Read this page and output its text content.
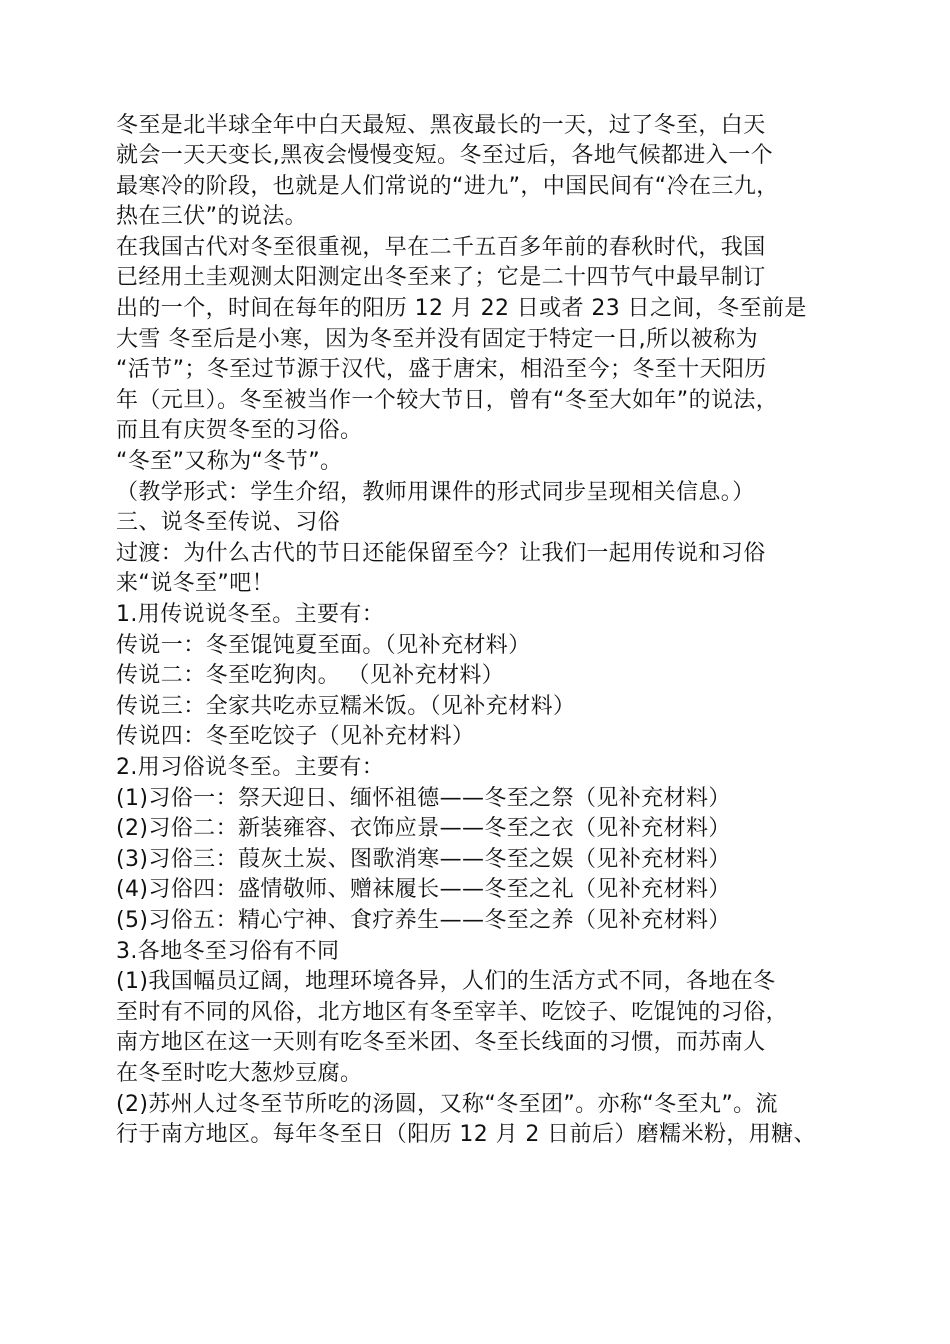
冬至是北半球全年中白天最短、黑夜最长的一天，过了冬至，白天
就会一天天变长,黑夜会慢慢变短。冬至过后，各地气候都进入一个
最寒冷的阶段，也就是人们常说的“进九”，中国民间有“冷在三九，
热在三伏”的说法。
在我国古代对冬至很重视，早在二千五百多年前的春秋时代，我国
已经用土圭观测太阳测定出冬至来了；它是二十四节气中最早制订
出的一个，时间在每年的阳历 12 月 22 日或者 23 日之间，冬至前是
大雪 冬至后是小寒，因为冬至并没有固定于特定一日,所以被称为
“活节”；冬至过节源于汉代，盛于唐宋，相沿至今；冬至十天阳历
年（元旦）。冬至被当作一个较大节日，曾有“冬至大如年”的说法，
而且有庆贺冬至的习俗。
“冬至”又称为“冬节”。
（教学形式：学生介绍，教师用课件的形式同步呈现相关信息。）
三、说冬至传说、习俗
过渡：为什么古代的节日还能保留至今？让我们一起用传说和习俗
来“说冬至”吧！
1.用传说说冬至。主要有：
传说一：冬至馄饨夏至面。（见补充材料）
传说二：冬至吃狗肉。 （见补充材料）
传说三：全家共吃赤豆糯米饭。（见补充材料）
传说四：冬至吃饺子（见补充材料）
2.用习俗说冬至。主要有：
(1)习俗一：祭天迎日、缅怀祖德——冬至之祭（见补充材料）
(2)习俗二：新装雍容、衣饰应景——冬至之衣（见补充材料）
(3)习俗三：葭灰土炭、图歌消寒——冬至之娱（见补充材料）
(4)习俗四：盛情敬师、赠袜履长——冬至之礼（见补充材料）
(5)习俗五：精心宁神、食疗养生——冬至之养（见补充材料）
3.各地冬至习俗有不同
(1)我国幅员辽阔，地理环境各异，人们的生活方式不同，各地在冬
至时有不同的风俗，北方地区有冬至宰羊、吃饺子、吃馄饨的习俗，
南方地区在这一天则有吃冬至米团、冬至长线面的习惯，而苏南人
在冬至时吃大葱炒豆腐。
(2)苏州人过冬至节所吃的汤圆，又称“冬至团”。亦称“冬至丸”。流
行于南方地区。每年冬至日（阳历 12 月 2 日前后）磨糯米粉，用糖、
